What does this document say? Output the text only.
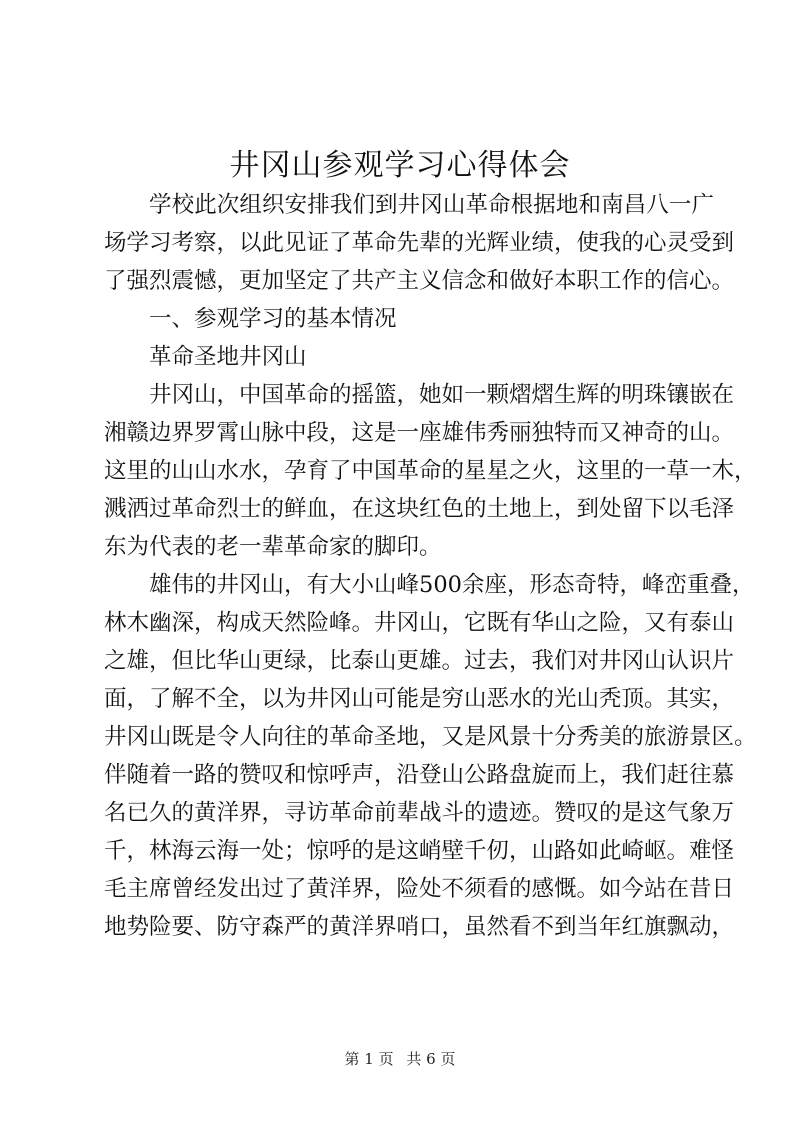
井冈山参观学习心得体会
学校此次组织安排我们到井冈山革命根据地和南昌八一广
场学习考察，以此见证了革命先辈的光辉业绩，使我的心灵受到
了强烈震憾，更加坚定了共产主义信念和做好本职工作的信心。
一、参观学习的基本情况
革命圣地井冈山
井冈山，中国革命的摇篮，她如一颗熠熠生辉的明珠镶嵌在
湘赣边界罗霄山脉中段，这是一座雄伟秀丽独特而又神奇的山。
这里的山山水水，孕育了中国革命的星星之火，这里的一草一木，
溅洒过革命烈士的鲜血，在这块红色的土地上，到处留下以毛泽
东为代表的老一辈革命家的脚印。
雄伟的井冈山，有大小山峰500余座，形态奇特，峰峦重叠，
林木幽深，构成天然险峰。井冈山，它既有华山之险，又有泰山
之雄，但比华山更绿，比泰山更雄。过去，我们对井冈山认识片
面，了解不全，以为井冈山可能是穷山恶水的光山秃顶。其实，
井冈山既是令人向往的革命圣地，又是风景十分秀美的旅游景区。
伴随着一路的赞叹和惊呼声，沿登山公路盘旋而上，我们赶往慕
名已久的黄洋界，寻访革命前辈战斗的遗迹。赞叹的是这气象万
千，林海云海一处；惊呼的是这峭壁千仞，山路如此崎岖。难怪
毛主席曾经发出过了黄洋界，险处不须看的感慨。如今站在昔日
地势险要、防守森严的黄洋界哨口，虽然看不到当年红旗飘动，
第 1 页 共 6 页
